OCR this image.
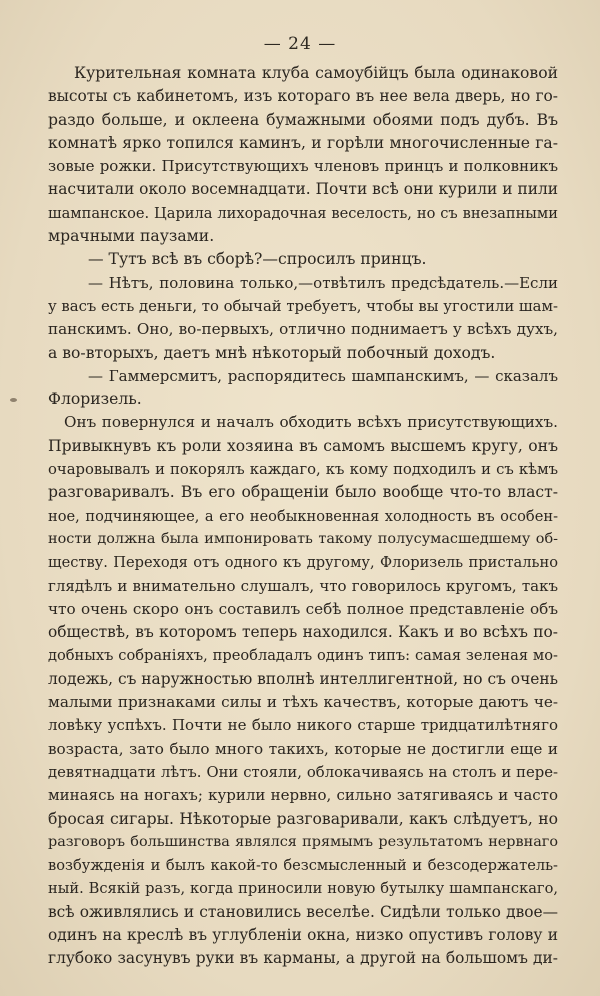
— 24 —
Курительная комната клуба самоубійцъ была одинаковой
высоты съ кабинетомъ, изъ котораго въ нее вела дверь, но го-
раздо больше, и оклеена бумажными обоями подъ дубъ. Въ
комнатѣ ярко топился каминъ, и горѣли многочисленные га-
зовые рожки. Присутствующихъ членовъ принцъ и полковникъ
насчитали около восемнадцати. Почти всѣ они курили и пили
шампанское. Царила лихорадочная веселость, но съ внезапными
мрачными паузами.
— Тутъ всѣ въ сборѣ?—спросилъ принцъ.
— Нѣтъ, половина только,—отвѣтилъ предсѣдатель.—Если
у васъ есть деньги, то обычай требуетъ, чтобы вы угостили шам-
панскимъ. Оно, во-первыхъ, отлично поднимаетъ у всѣхъ духъ,
а во-вторыхъ, даетъ мнѣ нѣкоторый побочный доходъ.
— Гаммерсмитъ, распорядитесь шампанскимъ, — сказалъ
Флоризель.
Онъ повернулся и началъ обходить всѣхъ присутствующихъ.
Привыкнувъ къ роли хозяина въ самомъ высшемъ кругу, онъ
очаровывалъ и покорялъ каждаго, къ кому подходилъ и съ кѣмъ
разговаривалъ. Въ его обращеніи было вообще что-то власт-
ное, подчиняющее, а его необыкновенная холодность въ особен-
ности должна была импонировать такому полусумасшедшему об-
ществу. Переходя отъ одного къ другому, Флоризель пристально
глядѣлъ и внимательно слушалъ, что говорилось кругомъ, такъ
что очень скоро онъ составилъ себѣ полное представленіе объ
обществѣ, въ которомъ теперь находился. Какъ и во всѣхъ по-
добныхъ собраніяхъ, преобладалъ одинъ типъ: самая зеленая мо-
лодежь, съ наружностью вполнѣ интеллигентной, но съ очень
малыми признаками силы и тѣхъ качествъ, которые даютъ че-
ловѣку успѣхъ. Почти не было никого старше тридцатилѣтняго
возраста, зато было много такихъ, которые не достигли еще и
девятнадцати лѣтъ. Они стояли, облокачиваясь на столъ и пере-
минаясь на ногахъ; курили нервно, сильно затягиваясь и часто
бросая сигары. Нѣкоторые разговаривали, какъ слѣдуетъ, но
разговоръ большинства являлся прямымъ результатомъ нервнаго
возбужденія и былъ какой-то безсмысленный и безсодержатель-
ный. Всякій разъ, когда приносили новую бутылку шампанскаго,
всѣ оживлялись и становились веселѣе. Сидѣли только двое—
одинъ на креслѣ въ углубленіи окна, низко опустивъ голову и
глубоко засунувъ руки въ карманы, а другой на большомъ ди-
